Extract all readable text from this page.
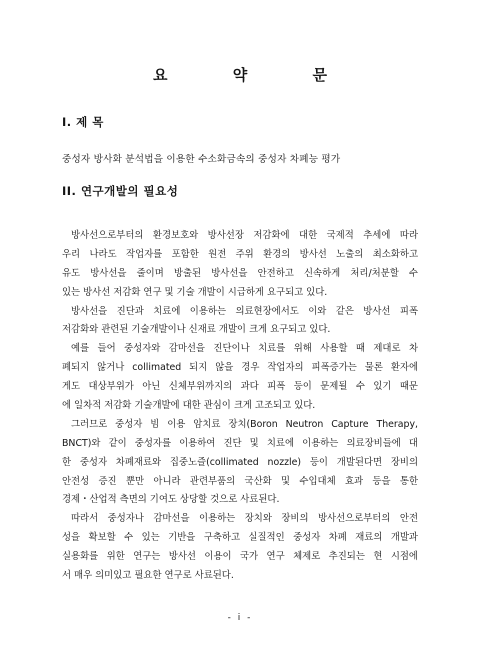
요 약 문
I. 제 목
중성자 방사화 분석법을 이용한 수소화금속의 중성자 차폐능 평가
II. 연구개발의 필요성
방사선으로부터의 환경보호와 방사선장 저감화에 대한 국제적 추세에 따라
우리 나라도 작업자를 포함한 원전 주위 환경의 방사선 노출의 최소화하고
유도 방사선을 줄이며 방출된 방사선을 안전하고 신속하게 처리/처분할 수
있는 방사선 저감화 연구 및 기술 개발이 시급하게 요구되고 있다.
방사선을 진단과 치료에 이용하는 의료현장에서도 이와 같은 방사선 피폭
저감화와 관련된 기술개발이나 신재료 개발이 크게 요구되고 있다.
예를 들어 중성자와 감마선을 진단이나 치료를 위해 사용할 때 제대로 차
폐되지 않거나 collimated 되지 않을 경우 작업자의 피폭증가는 물론 환자에
게도 대상부위가 아닌 신체부위까지의 과다 피폭 등이 문제될 수 있기 때문
에 일차적 저감화 기술개발에 대한 관심이 크게 고조되고 있다.
그러므로 중성자 빔 이용 암치료 장치(Boron Neutron Capture Therapy,
BNCT)와 같이 중성자를 이용하여 진단 및 치료에 이용하는 의료장비들에 대
한 중성자 차폐재료와 집중노즐(collimated nozzle) 등이 개발된다면 장비의
안전성 증진 뿐만 아니라 관련부품의 국산화 및 수입대체 효과 등을 통한
경제・산업적 측면의 기여도 상당할 것으로 사료된다.
따라서 중성자나 감마선을 이용하는 장치와 장비의 방사선으로부터의 안전
성을 확보할 수 있는 기반을 구축하고 실질적인 중성자 차폐 재료의 개발과
실용화를 위한 연구는 방사선 이용이 국가 연구 체제로 추진되는 현 시점에
서 매우 의미있고 필요한 연구로 사료된다.
- i -
